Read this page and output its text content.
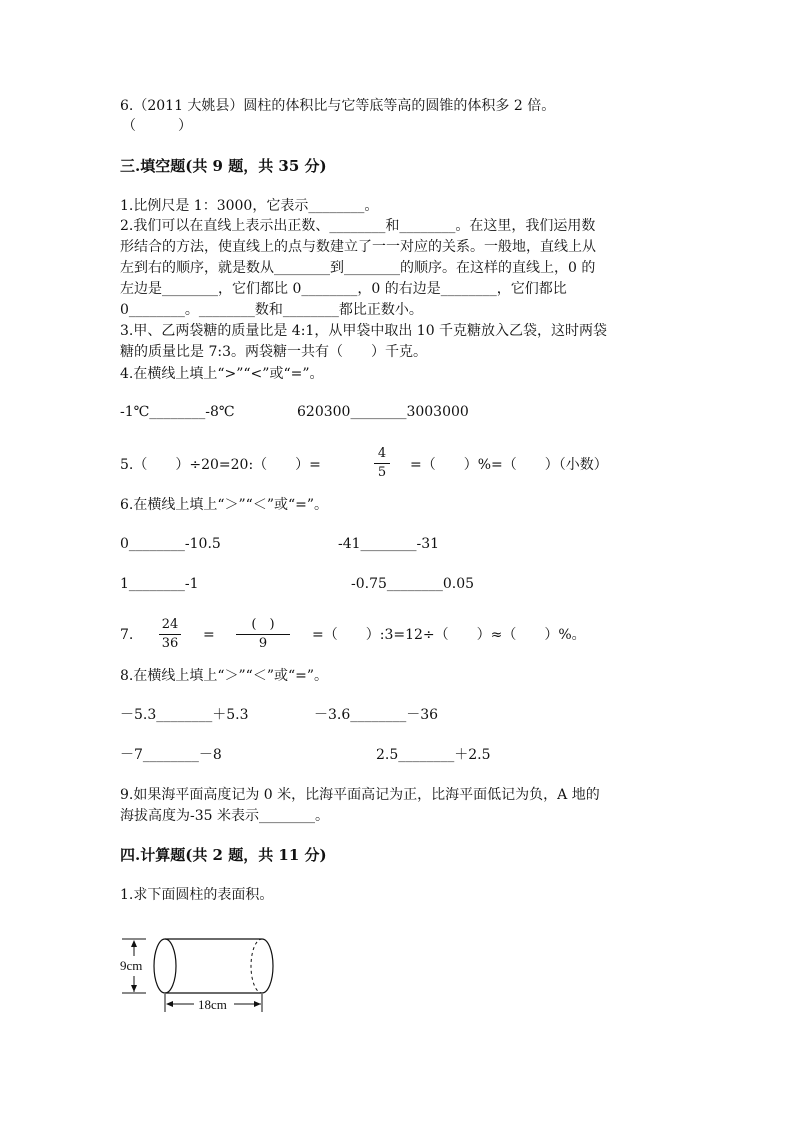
6.（2011 大姚县）圆柱的体积比与它等底等高的圆锥的体积多 2 倍。
（　　　）
三.填空题(共 9 题，共 35 分)
1.比例尺是 1：3000，它表示________。
2.我们可以在直线上表示出正数、________和________。在这里，我们运用数
形结合的方法，使直线上的点与数建立了一一对应的关系。一般地，直线上从
左到右的顺序，就是数从________到________的顺序。在这样的直线上，0 的
左边是________，它们都比 0________，0 的右边是________，它们都比
0________。________数和________都比正数小。
3.甲、乙两袋糖的质量比是 4:1，从甲袋中取出 10 千克糖放入乙袋，这时两袋
糖的质量比是 7:3。两袋糖一共有（　　）千克。
4.在横线上填上“>”“<”或“=”。
-1℃________-8℃	620300________3003000
5.（　　）÷20=20:（　　）=
4
5 =（　　）%=（　　）（小数）
6.在横线上填上“＞”“＜”或“=”。
0________-10.5	-41________-31
1________-1	-0.75________0.05
7.
24
36
=
(　)
9
=（　　）:3=12÷（　　）≈（　　）%。
8.在横线上填上“＞”“＜”或“=”。
－5.3________＋5.3	－3.6________－36
－7________－8	2.5________＋2.5
9.如果海平面高度记为 0 米，比海平面高记为正，比海平面低记为负，A 地的
海拔高度为-35 米表示________。
四.计算题(共 2 题，共 11 分)
1.求下面圆柱的表面积。
9cm
18cm
